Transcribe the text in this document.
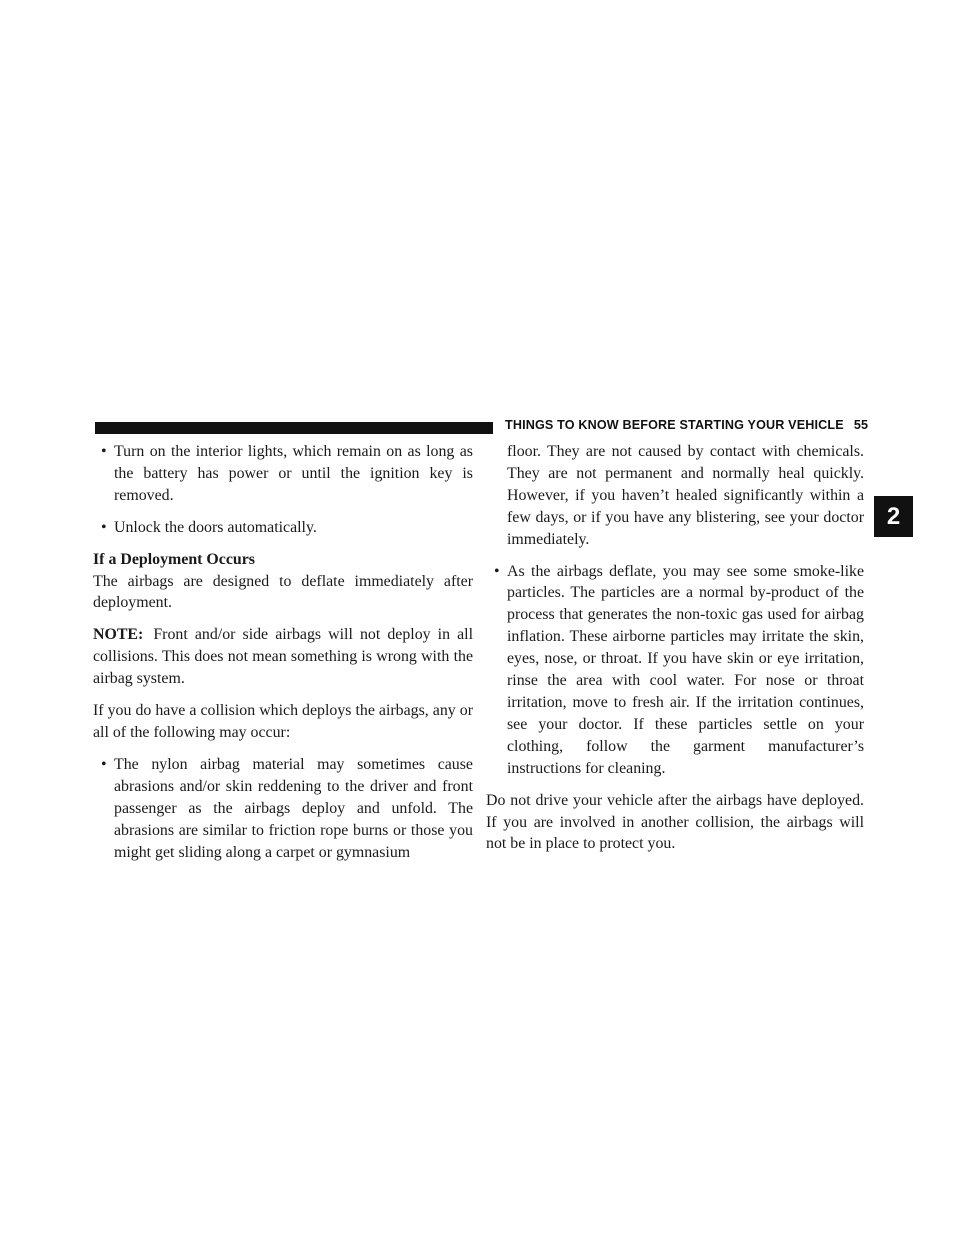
THINGS TO KNOW BEFORE STARTING YOUR VEHICLE 55
2
• Turn on the interior lights, which remain on as long as the battery has power or until the ignition key is removed.
• Unlock the doors automatically.

If a Deployment Occurs

The airbags are designed to deflate immediately after deployment.

NOTE: Front and/or side airbags will not deploy in all collisions. This does not mean something is wrong with the airbag system.

If you do have a collision which deploys the airbags, any or all of the following may occur:

• The nylon airbag material may sometimes cause abrasions and/or skin reddening to the driver and front passenger as the airbags deploy and unfold. The abrasions are similar to friction rope burns or those you might get sliding along a carpet or gymnasium
floor. They are not caused by contact with chemicals. They are not permanent and normally heal quickly. However, if you haven’t healed significantly within a few days, or if you have any blistering, see your doctor immediately.
• As the airbags deflate, you may see some smoke-like particles. The particles are a normal by-product of the process that generates the non-toxic gas used for airbag inflation. These airborne particles may irritate the skin, eyes, nose, or throat. If you have skin or eye irritation, rinse the area with cool water. For nose or throat irritation, move to fresh air. If the irritation continues, see your doctor. If these particles settle on your clothing, follow the garment manufacturer’s instructions for cleaning.

Do not drive your vehicle after the airbags have deployed. If you are involved in another collision, the airbags will not be in place to protect you.
